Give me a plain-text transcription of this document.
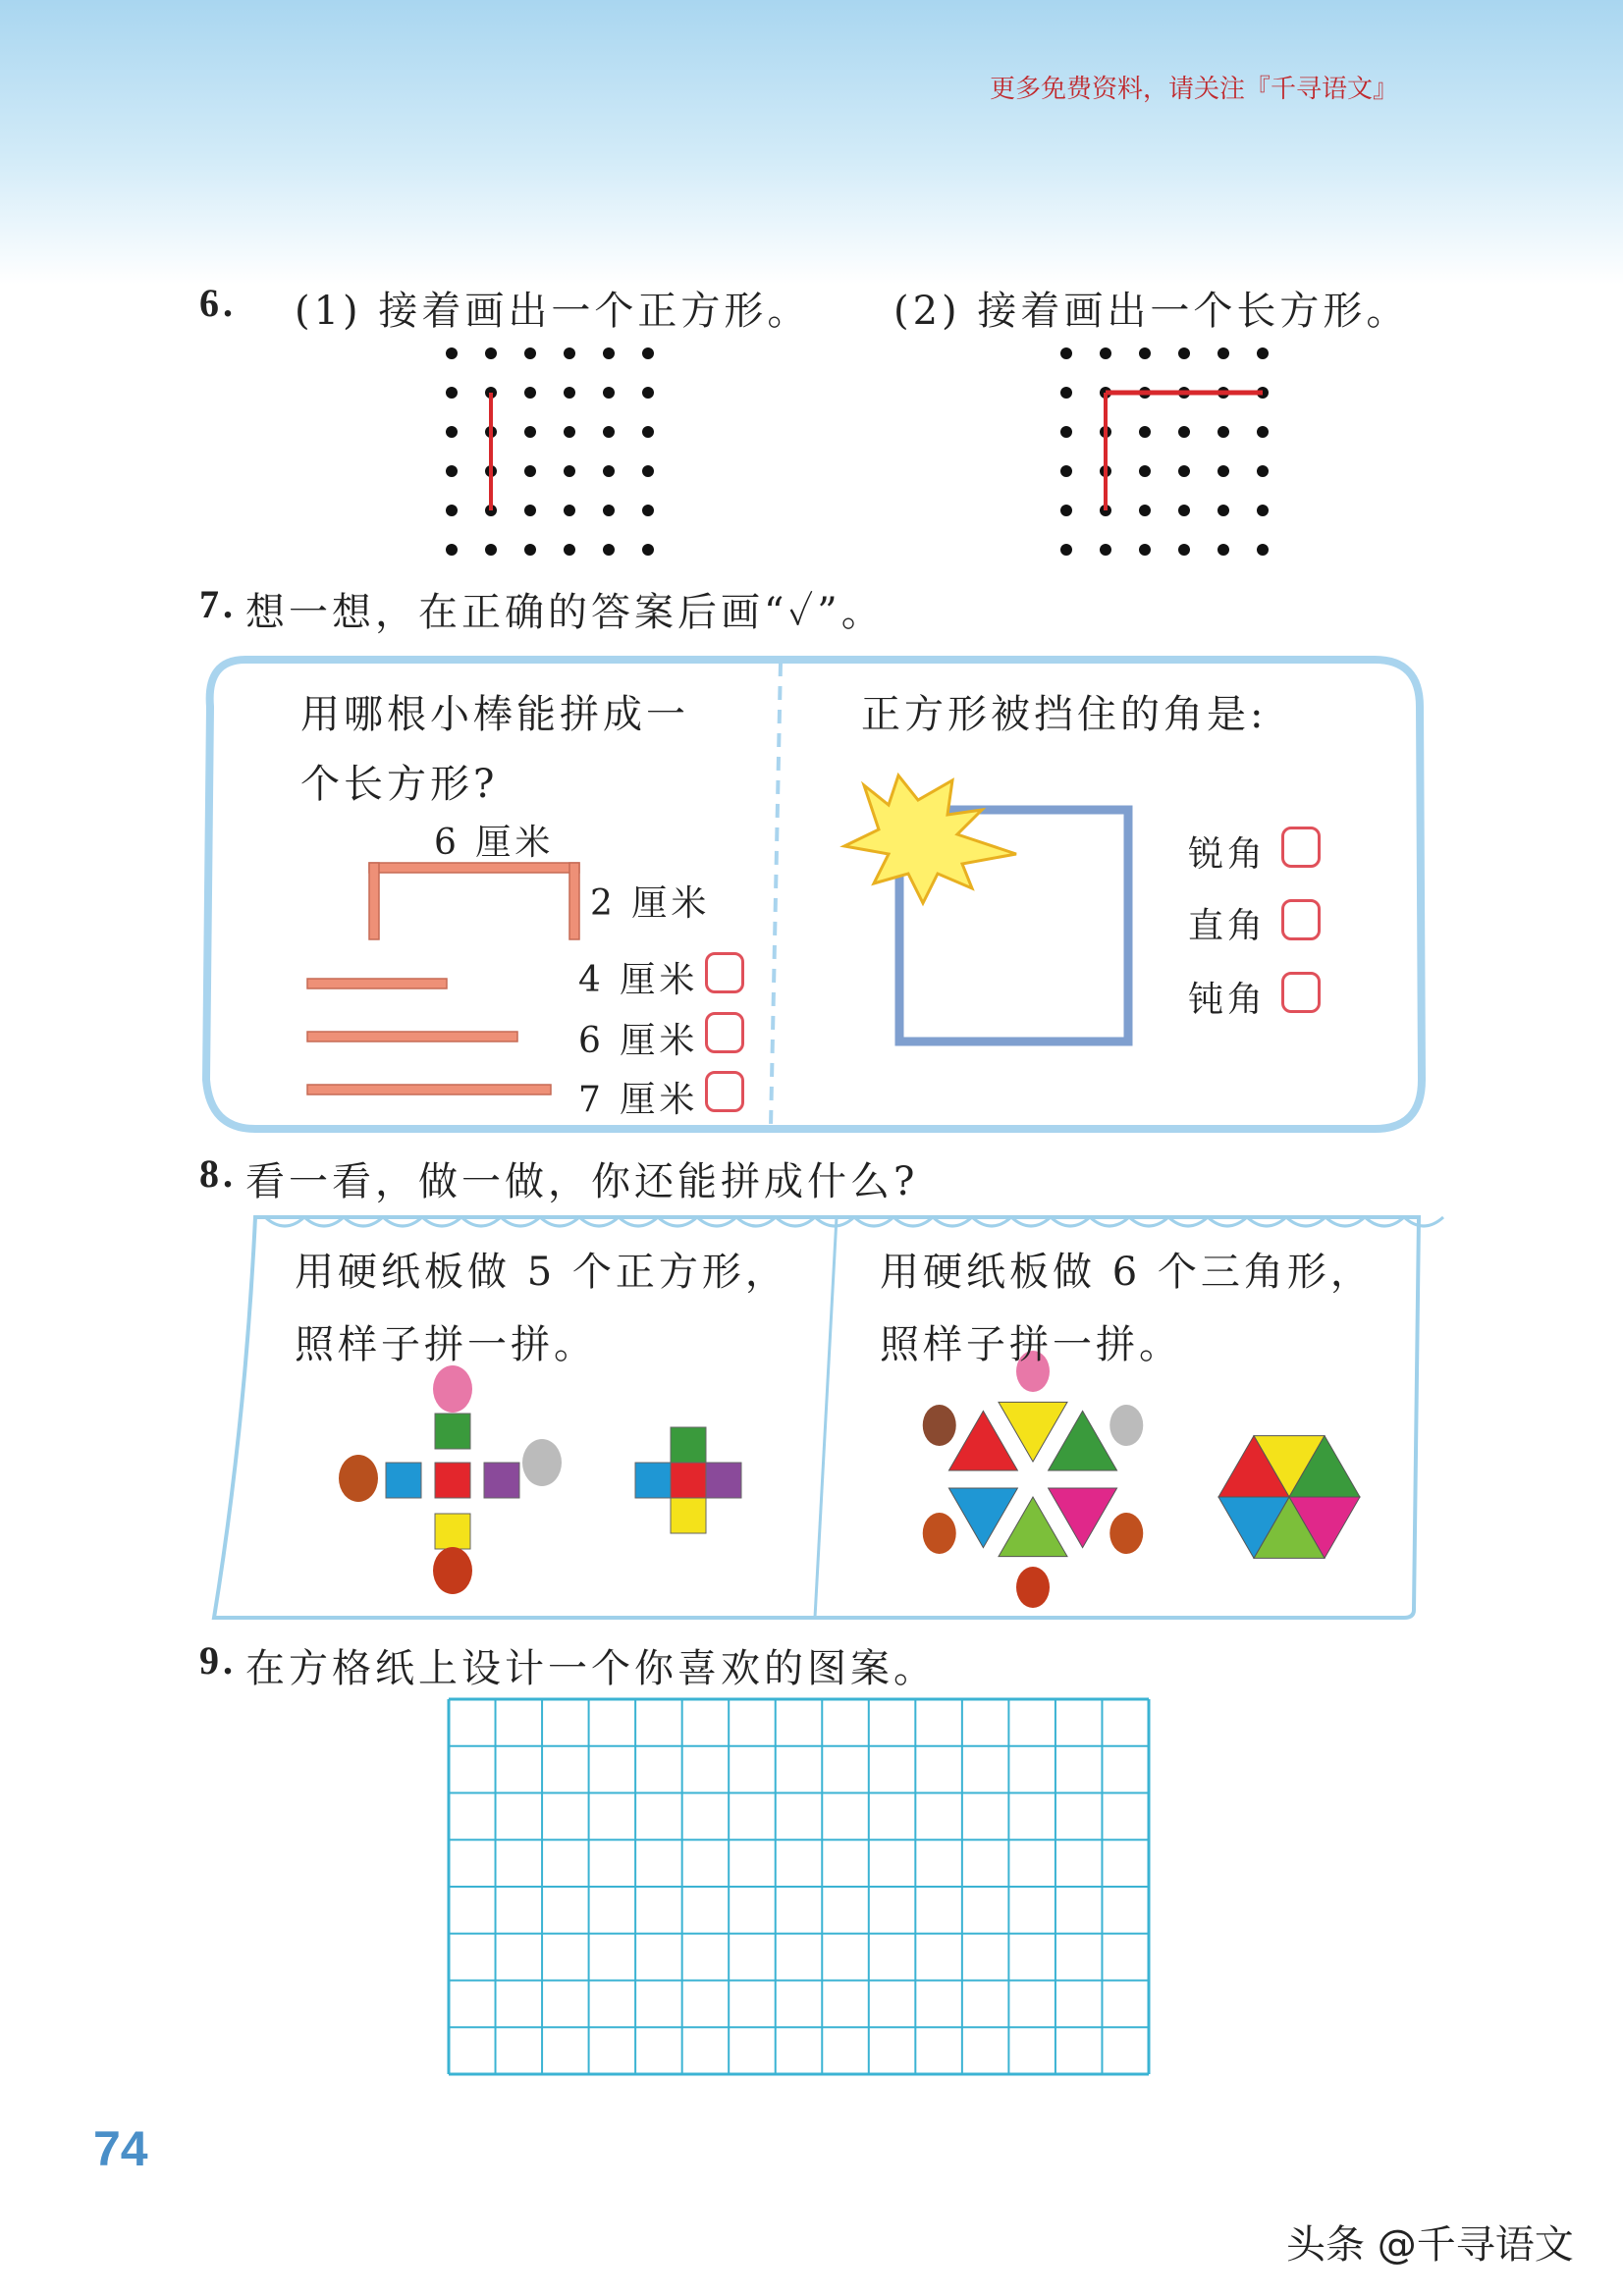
更多免费资料，请关注『千寻语文』
6. (1) 接着画出一个正方形。 (2) 接着画出一个长方形。
7. 想一想，在正确的答案后画“✓”。
用哪根小棒能拼成一
个长方形?
6 厘米
2 厘米
4 厘米
6 厘米
7 厘米
正方形被挡住的角是:
锐角
直角
钝角
8. 看一看，做一做，你还能拼成什么?
用硬纸板做 5 个正方形，
照样子拼一拼。
用硬纸板做 6 个三角形，
照样子拼一拼。
9. 在方格纸上设计一个你喜欢的图案。
74
头条 @千寻语文
